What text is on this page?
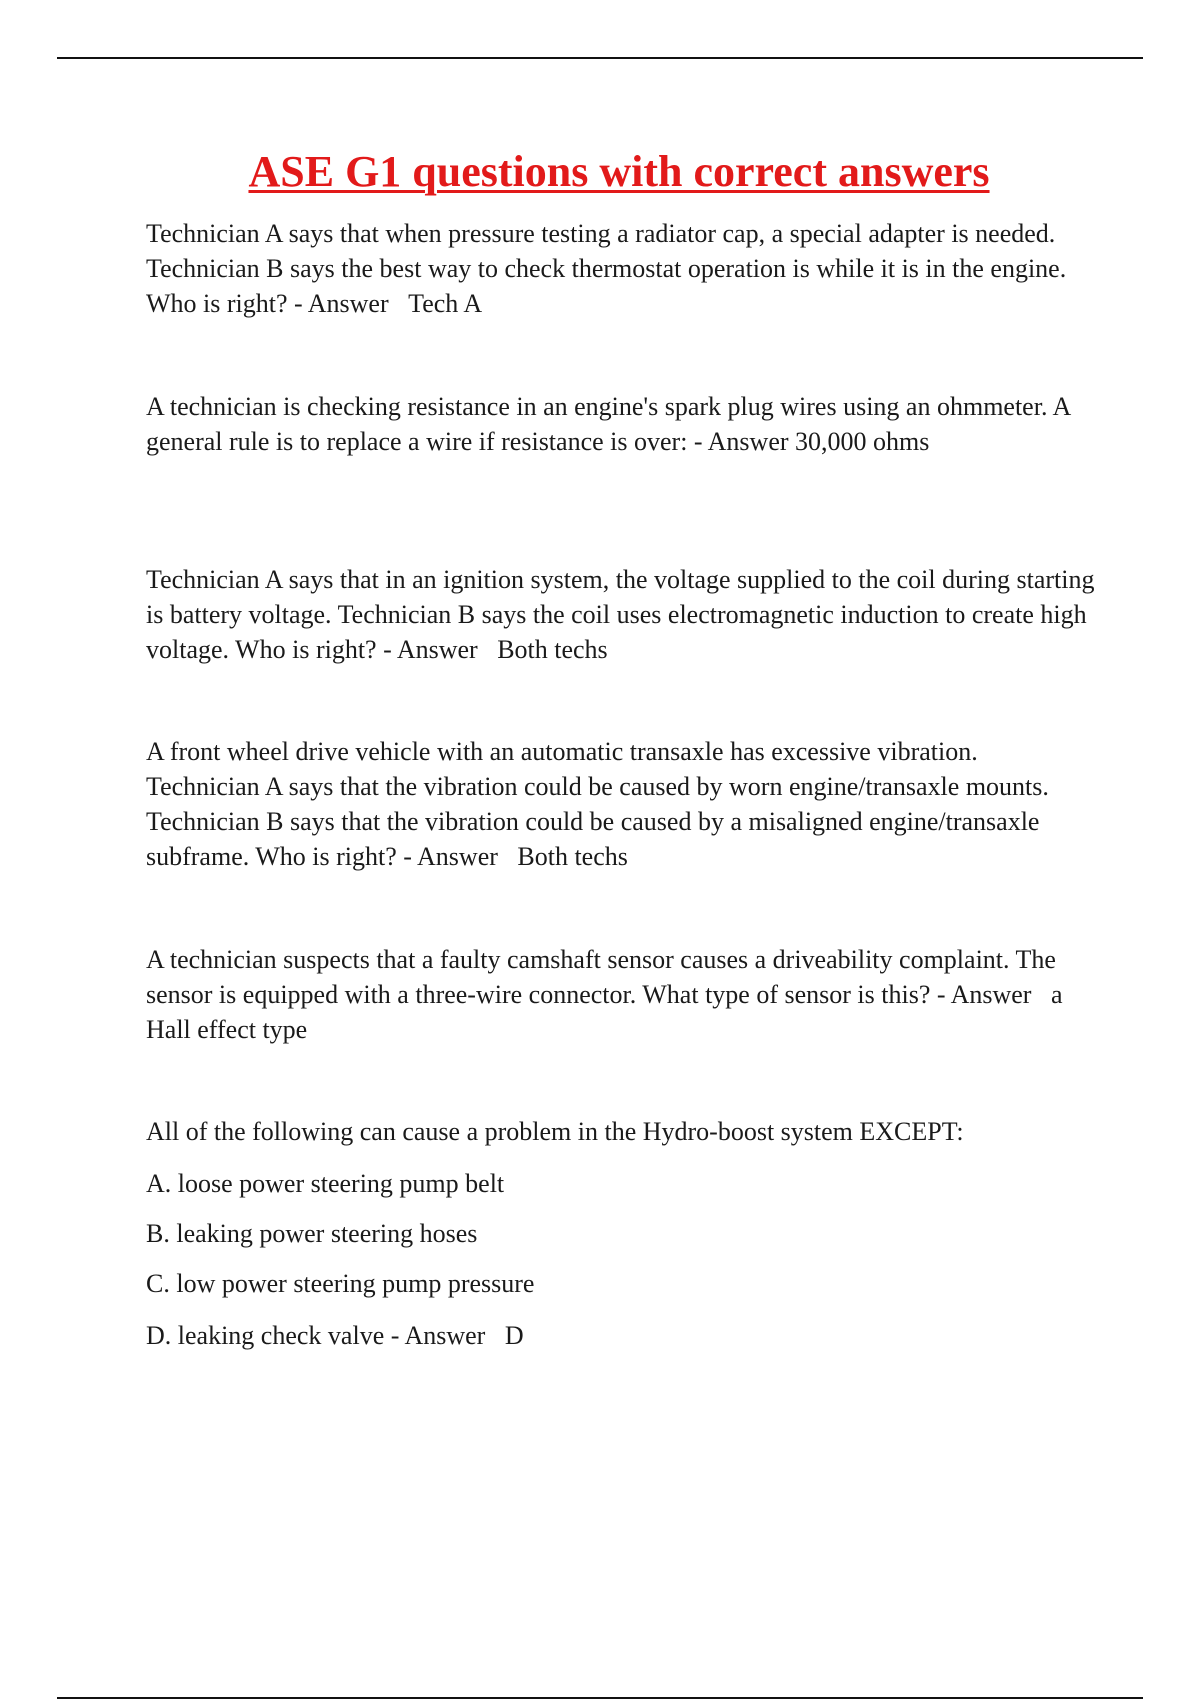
ASE G1 questions with correct answers

Technician A says that when pressure testing a radiator cap, a special adapter is needed. Technician B says the best way to check thermostat operation is while it is in the engine. Who is right? - Answer Tech A

A technician is checking resistance in an engine's spark plug wires using an ohmmeter. A general rule is to replace a wire if resistance is over: - Answer 30,000 ohms

Technician A says that in an ignition system, the voltage supplied to the coil during starting is battery voltage. Technician B says the coil uses electromagnetic induction to create high voltage. Who is right? - Answer Both techs

A front wheel drive vehicle with an automatic transaxle has excessive vibration. Technician A says that the vibration could be caused by worn engine/transaxle mounts. Technician B says that the vibration could be caused by a misaligned engine/transaxle subframe. Who is right? - Answer Both techs

A technician suspects that a faulty camshaft sensor causes a driveability complaint. The sensor is equipped with a three-wire connector. What type of sensor is this? - Answer a Hall effect type

All of the following can cause a problem in the Hydro-boost system EXCEPT:

A. loose power steering pump belt

B. leaking power steering hoses

C. low power steering pump pressure

D. leaking check valve - Answer D
